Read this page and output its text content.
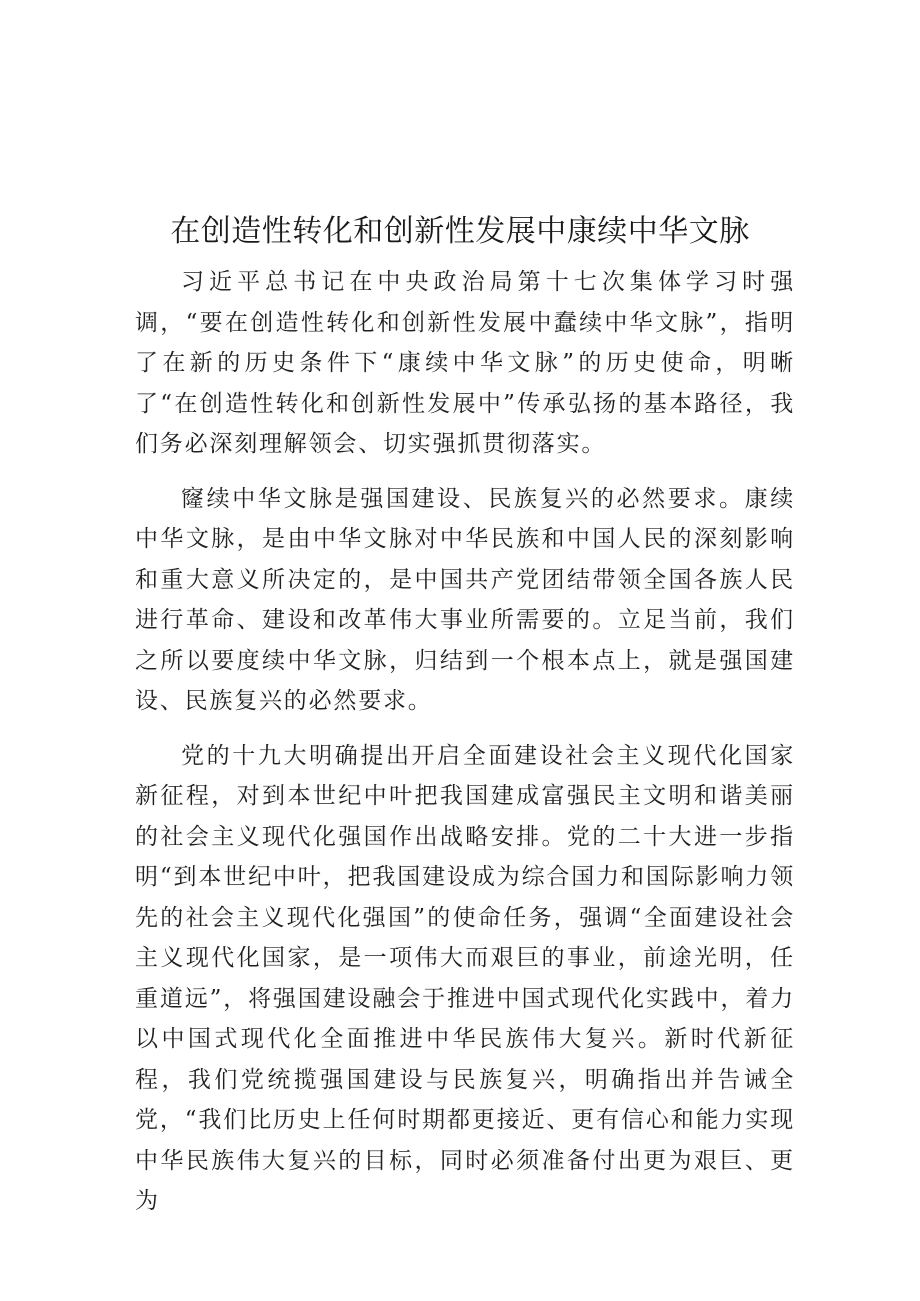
在创造性转化和创新性发展中康续中华文脉

习近平总书记在中央政治局第十七次集体学习时强调，“要在创造性转化和创新性发展中蠢续中华文脉”，指明了在新的历史条件下“康续中华文脉”的历史使命，明晰了“在创造性转化和创新性发展中”传承弘扬的基本路径，我们务必深刻理解领会、切实强抓贯彻落实。

窿续中华文脉是强国建设、民族复兴的必然要求。康续中华文脉，是由中华文脉对中华民族和中国人民的深刻影响和重大意义所决定的，是中国共产党团结带领全国各族人民进行革命、建设和改革伟大事业所需要的。立足当前，我们之所以要度续中华文脉，归结到一个根本点上，就是强国建设、民族复兴的必然要求。

党的十九大明确提出开启全面建设社会主义现代化国家新征程，对到本世纪中叶把我国建成富强民主文明和谐美丽的社会主义现代化强国作出战略安排。党的二十大进一步指明“到本世纪中叶，把我国建设成为综合国力和国际影响力领先的社会主义现代化强国”的使命任务，强调“全面建设社会主义现代化国家，是一项伟大而艰巨的事业，前途光明，任重道远”，将强国建设融会于推进中国式现代化实践中，着力以中国式现代化全面推进中华民族伟大复兴。新时代新征程，我们党统揽强国建设与民族复兴，明确指出并告诫全党，“我们比历史上任何时期都更接近、更有信心和能力实现中华民族伟大复兴的目标，同时必须准备付出更为艰巨、更为
